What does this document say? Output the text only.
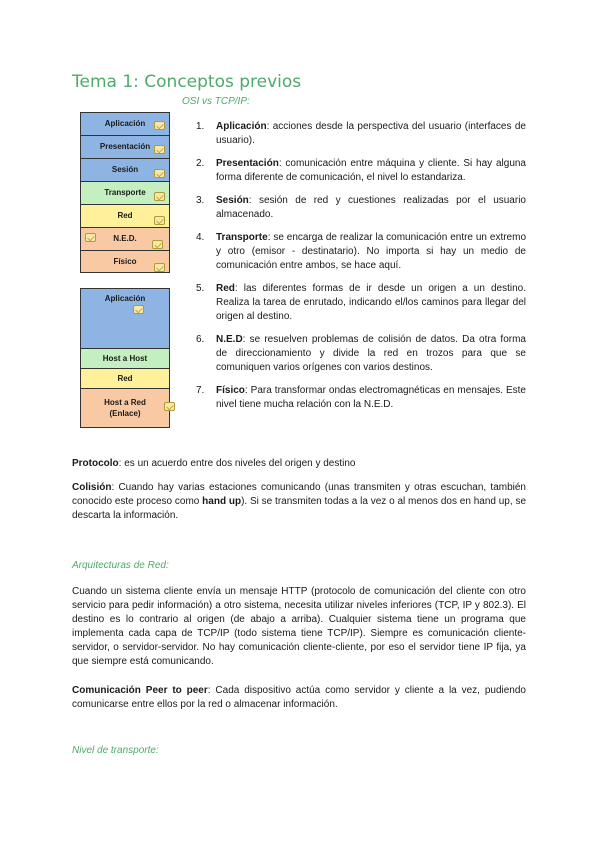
Tema 1: Conceptos previos
OSI vs TCP/IP:
Aplicación
Presentación
Sesión
Transporte
Red
N.E.D.
Físico
Aplicación
Host a Host
Red
Host a Red
(Enlace)
1.	Aplicación: acciones desde la perspectiva del usuario (interfaces de usuario).
2.	Presentación: comunicación entre máquina y cliente. Si hay alguna forma diferente de comunicación, el nivel lo estandariza.
3.	Sesión: sesión de red y cuestiones realizadas por el usuario almacenado.
4.	Transporte: se encarga de realizar la comunicación entre un extremo y otro (emisor - destinatario). No importa si hay un medio de comunicación entre ambos, se hace aquí.
5.	Red: las diferentes formas de ir desde un origen a un destino. Realiza la tarea de enrutado, indicando el/los caminos para llegar del origen al destino.
6.	N.E.D: se resuelven problemas de colisión de datos. Da otra forma de direccionamiento y divide la red en trozos para que se comuniquen varios orígenes con varios destinos.
7.	Físico: Para transformar ondas electromagnéticas en mensajes. Este nivel tiene mucha relación con la N.E.D.
Protocolo: es un acuerdo entre dos niveles del origen y destino
Colisión: Cuando hay varias estaciones comunicando (unas transmiten y otras escuchan, también conocido este proceso como hand up). Si se transmiten todas a la vez o al menos dos en hand up, se descarta la información.
Arquitecturas de Red:
Cuando un sistema cliente envía un mensaje HTTP (protocolo de comunicación del cliente con otro servicio para pedir información) a otro sistema, necesita utilizar niveles inferiores (TCP, IP y 802.3). El destino es lo contrario al origen (de abajo a arriba). Cualquier sistema tiene un programa que implementa cada capa de TCP/IP (todo sistema tiene TCP/IP). Siempre es comunicación cliente-servidor, o servidor-servidor. No hay comunicación cliente-cliente, por eso el servidor tiene IP fija, ya que siempre está comunicando.
Comunicación Peer to peer: Cada dispositivo actúa como servidor y cliente a la vez, pudiendo comunicarse entre ellos por la red o almacenar información.
Nivel de transporte:
